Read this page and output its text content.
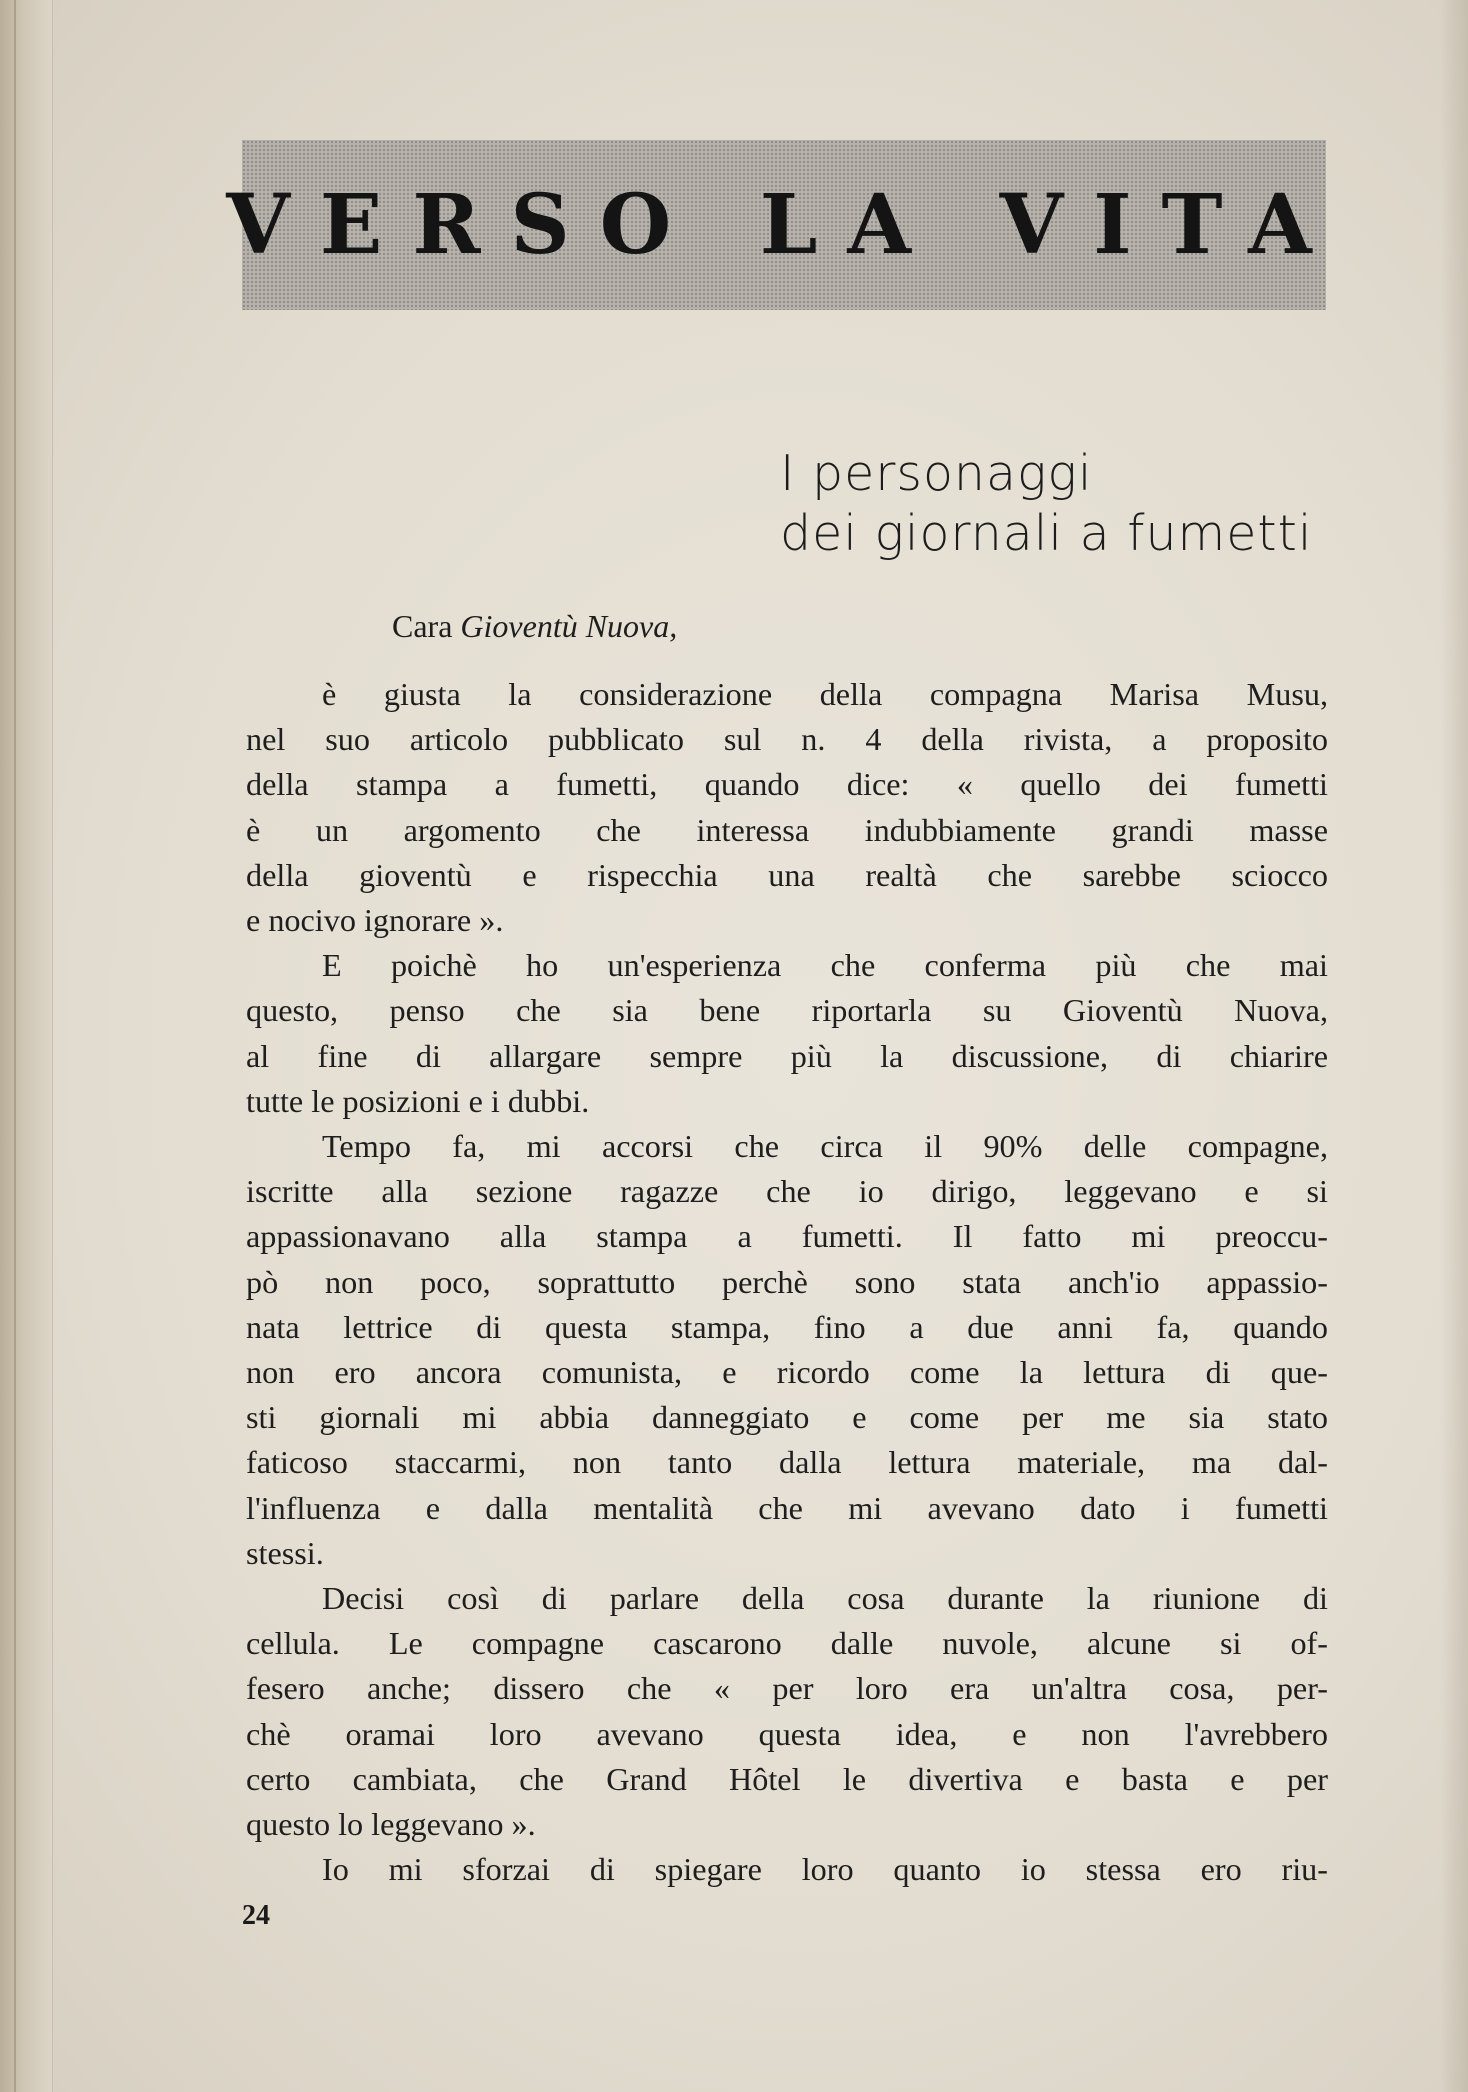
VERSO LA VITA
I personaggi
dei giornali a fumetti
Cara Gioventù Nuova,
è giusta la considerazione della compagna Marisa Musu,
nel suo articolo pubblicato sul n. 4 della rivista, a proposito
della stampa a fumetti, quando dice: « quello dei fumetti
è un argomento che interessa indubbiamente grandi masse
della gioventù e rispecchia una realtà che sarebbe sciocco
e nocivo ignorare ».
E poichè ho un'esperienza che conferma più che mai
questo, penso che sia bene riportarla su Gioventù Nuova,
al fine di allargare sempre più la discussione, di chiarire
tutte le posizioni e i dubbi.
Tempo fa, mi accorsi che circa il 90% delle compagne,
iscritte alla sezione ragazze che io dirigo, leggevano e si
appassionavano alla stampa a fumetti. Il fatto mi preoccu-
pò non poco, soprattutto perchè sono stata anch'io appassio-
nata lettrice di questa stampa, fino a due anni fa, quando
non ero ancora comunista, e ricordo come la lettura di que-
sti giornali mi abbia danneggiato e come per me sia stato
faticoso staccarmi, non tanto dalla lettura materiale, ma dal-
l'influenza e dalla mentalità che mi avevano dato i fumetti
stessi.
Decisi così di parlare della cosa durante la riunione di
cellula. Le compagne cascarono dalle nuvole, alcune si of-
fesero anche; dissero che « per loro era un'altra cosa, per-
chè oramai loro avevano questa idea, e non l'avrebbero
certo cambiata, che Grand Hôtel le divertiva e basta e per
questo lo leggevano ».
Io mi sforzai di spiegare loro quanto io stessa ero riu-
24
